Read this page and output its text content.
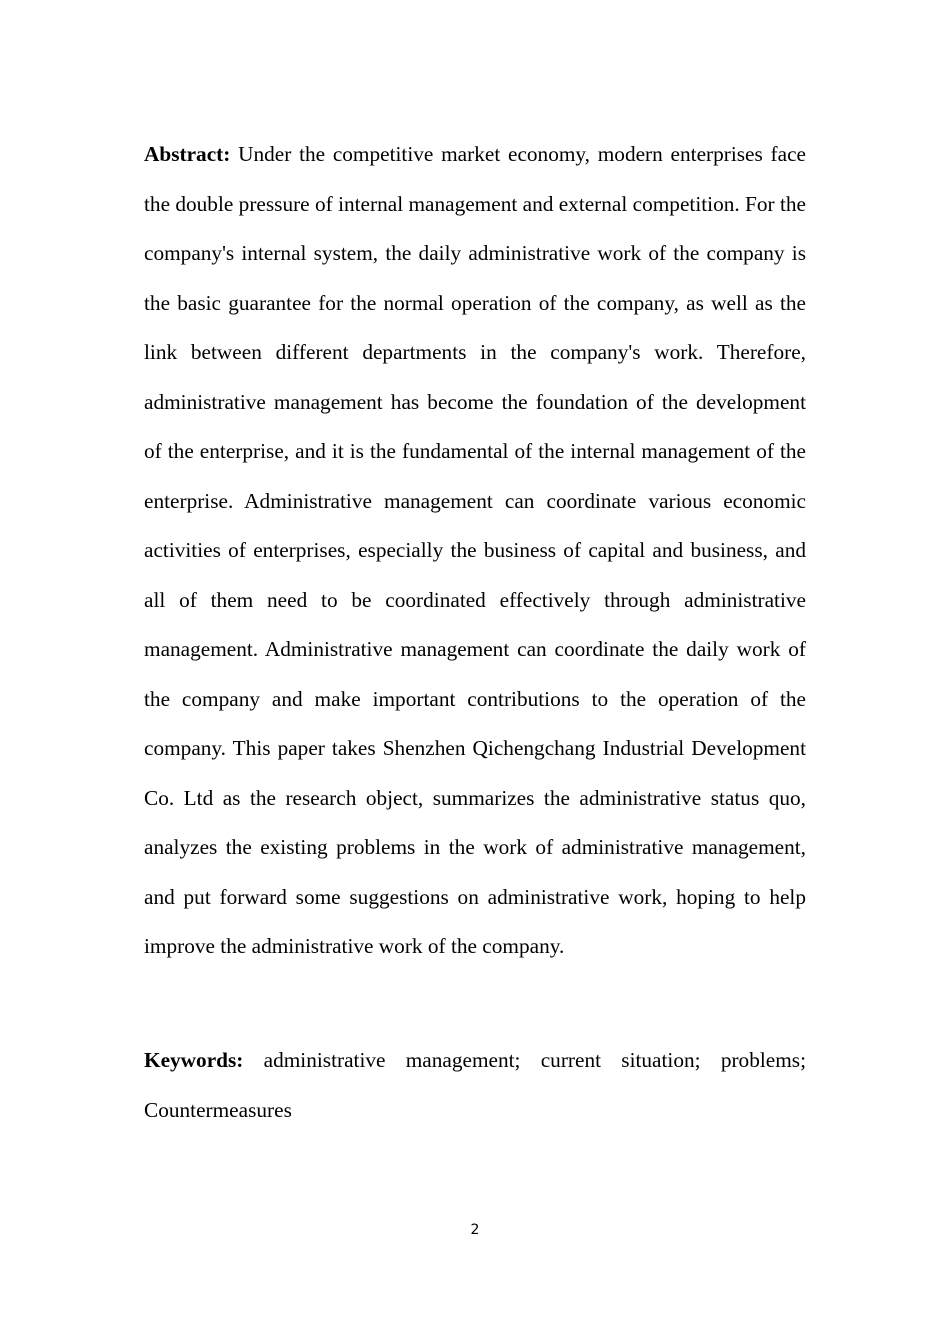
Abstract: Under the competitive market economy, modern enterprises face the double pressure of internal management and external competition. For the company's internal system, the daily administrative work of the company is the basic guarantee for the normal operation of the company, as well as the link between different departments in the company's work. Therefore, administrative management has become the foundation of the development of the enterprise, and it is the fundamental of the internal management of the enterprise. Administrative management can coordinate various economic activities of enterprises, especially the business of capital and business, and all of them need to be coordinated effectively through administrative management. Administrative management can coordinate the daily work of the company and make important contributions to the operation of the company. This paper takes Shenzhen Qichengchang Industrial Development Co. Ltd as the research object, summarizes the administrative status quo, analyzes the existing problems in the work of administrative management, and put forward some suggestions on administrative work, hoping to help improve the administrative work of the company.

Keywords: administrative management; current situation; problems; Countermeasures

2
